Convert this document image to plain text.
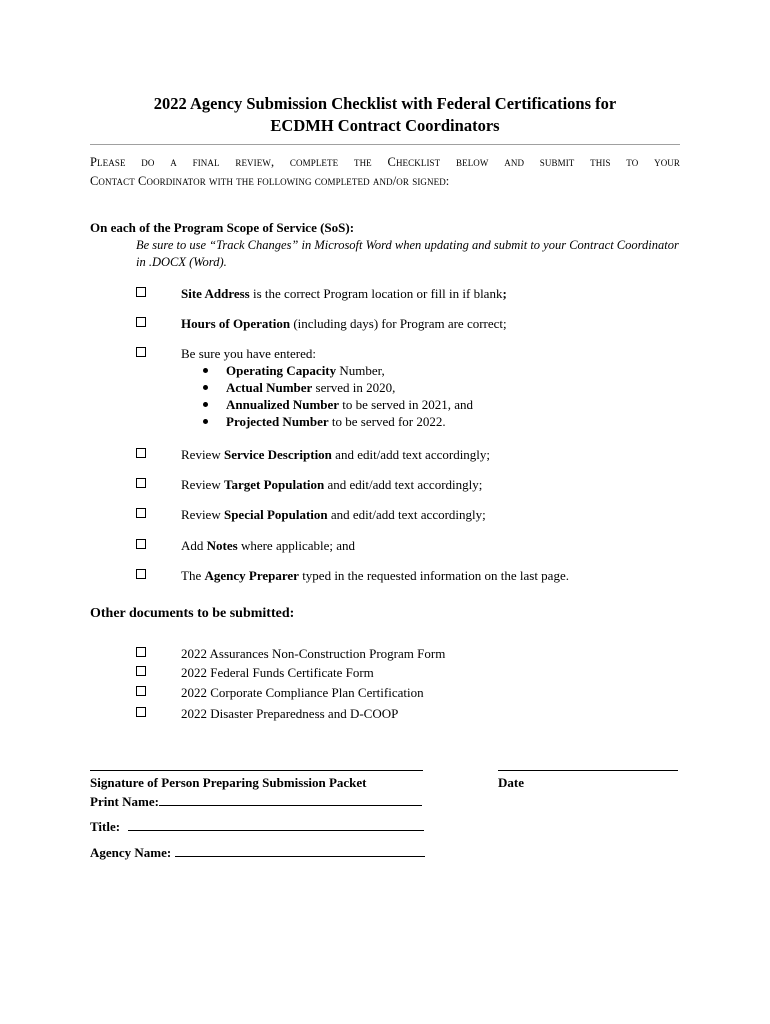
2022 Agency Submission Checklist with Federal Certifications for
ECDMH Contract Coordinators
Please do a final review, complete the Checklist below and submit this to your
Contact Coordinator with the following completed and/or signed:
On each of the Program Scope of Service (SoS):
Be sure to use “Track Changes” in Microsoft Word when updating and submit to your Contract Coordinator in .DOCX (Word).
Site Address is the correct Program location or fill in if blank;
Hours of Operation (including days) for Program are correct;
Be sure you have entered:
Review Service Description and edit/add text accordingly;
Review Target Population and edit/add text accordingly;
Review Special Population and edit/add text accordingly;
Add Notes where applicable; and
The Agency Preparer typed in the requested information on the last page.
Operating Capacity Number,
Actual Number served in 2020,
Annualized Number to be served in 2021, and
Projected Number to be served for 2022.
Other documents to be submitted:
2022 Assurances Non-Construction Program Form
2022 Federal Funds Certificate Form
2022 Corporate Compliance Plan Certification
2022 Disaster Preparedness and D-COOP
Signature of Person Preparing Submission Packet	Date
Print Name:
Title:
Agency Name:
